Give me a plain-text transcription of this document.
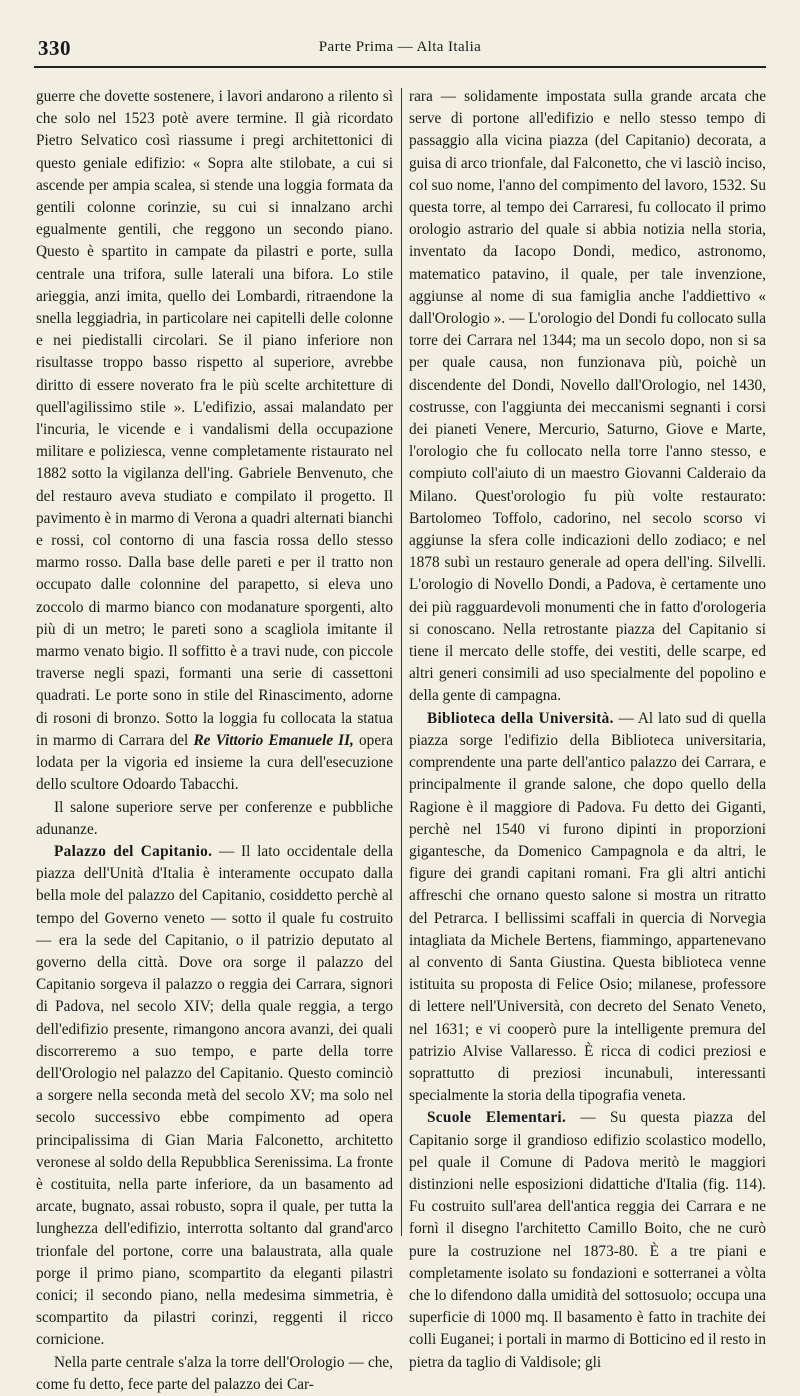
330	Parte Prima — Alta Italia

guerre che dovette sostenere, i lavori andarono a rilento sì che solo nel 1523 potè avere termine. Il già ricordato Pietro Selvatico così riassume i pregi architettonici di questo geniale edifizio: « Sopra alte stilobate, a cui si ascende per ampia scalea, si stende una loggia formata da gentili colonne corinzie, su cui si innalzano archi egualmente gentili, che reggono un secondo piano. Questo è spartito in campate da pilastri e porte, sulla centrale una trifora, sulle laterali una bifora. Lo stile arieggia, anzi imita, quello dei Lombardi, ritraendone la snella leggiadria, in particolare nei capitelli delle colonne e nei piedistalli circolari. Se il piano inferiore non risultasse troppo basso rispetto al superiore, avrebbe diritto di essere noverato fra le più scelte architetture di quell'agilissimo stile ». L'edifizio, assai malandato per l'incuria, le vicende e i vandalismi della occupazione militare e poliziesca, venne completamente ristaurato nel 1882 sotto la vigilanza dell'ing. Gabriele Benvenuto, che del restauro aveva studiato e compilato il progetto. Il pavimento è in marmo di Verona a quadri alternati bianchi e rossi, col contorno di una fascia rossa dello stesso marmo rosso. Dalla base delle pareti e per il tratto non occupato dalle colonnine del parapetto, si eleva uno zoccolo di marmo bianco con modanature sporgenti, alto più di un metro; le pareti sono a scagliola imitante il marmo venato bigio. Il soffitto è a travi nude, con piccole traverse negli spazi, formanti una serie di cassettoni quadrati. Le porte sono in stile del Rinascimento, adorne di rosoni di bronzo. Sotto la loggia fu collocata la statua in marmo di Carrara del Re Vittorio Emanuele II, opera lodata per la vigoria ed insieme la cura dell'esecuzione dello scultore Odoardo Tabacchi.

Il salone superiore serve per conferenze e pubbliche adunanze.

Palazzo del Capitanio. — Il lato occidentale della piazza dell'Unità d'Italia è interamente occupato dalla bella mole del palazzo del Capitanio, cosiddetto perchè al tempo del Governo veneto — sotto il quale fu costruito — era la sede del Capitanio, o il patrizio deputato al governo della città. Dove ora sorge il palazzo del Capitanio sorgeva il palazzo o reggia dei Carrara, signori di Padova, nel secolo XIV; della quale reggia, a tergo dell'edifizio presente, rimangono ancora avanzi, dei quali discorreremo a suo tempo, e parte della torre dell'Orologio nel palazzo del Capitanio. Questo cominciò a sorgere nella seconda metà del secolo XV; ma solo nel secolo successivo ebbe compimento ad opera principalissima di Gian Maria Falconetto, architetto veronese al soldo della Repubblica Serenissima. La fronte è costituita, nella parte inferiore, da un basamento ad arcate, bugnato, assai robusto, sopra il quale, per tutta la lunghezza dell'edifizio, interrotta soltanto dal grand'arco trionfale del portone, corre una balaustrata, alla quale porge il primo piano, scompartito da eleganti pilastri conici; il secondo piano, nella medesima simmetria, è scompartito da pilastri corinzi, reggenti il ricco cornicione.

Nella parte centrale s'alza la torre dell'Orologio — che, come fu detto, fece parte del palazzo dei Car-

rara — solidamente impostata sulla grande arcata che serve di portone all'edifizio e nello stesso tempo di passaggio alla vicina piazza (del Capitanio) decorata, a guisa di arco trionfale, dal Falconetto, che vi lasciò inciso, col suo nome, l'anno del compimento del lavoro, 1532. Su questa torre, al tempo dei Carraresi, fu collocato il primo orologio astrario del quale si abbia notizia nella storia, inventato da Iacopo Dondi, medico, astronomo, matematico patavino, il quale, per tale invenzione, aggiunse al nome di sua famiglia anche l'addiettivo « dall'Orologio ». — L'orologio del Dondi fu collocato sulla torre dei Carrara nel 1344; ma un secolo dopo, non si sa per quale causa, non funzionava più, poichè un discendente del Dondi, Novello dall'Orologio, nel 1430, costrusse, con l'aggiunta dei meccanismi segnanti i corsi dei pianeti Venere, Mercurio, Saturno, Giove e Marte, l'orologio che fu collocato nella torre l'anno stesso, e compiuto coll'aiuto di un maestro Giovanni Calderaio da Milano. Quest'orologio fu più volte restaurato: Bartolomeo Toffolo, cadorino, nel secolo scorso vi aggiunse la sfera colle indicazioni dello zodiaco; e nel 1878 subì un restauro generale ad opera dell'ing. Silvelli. L'orologio di Novello Dondi, a Padova, è certamente uno dei più ragguardevoli monumenti che in fatto d'orologeria si conoscano. Nella retrostante piazza del Capitanio si tiene il mercato delle stoffe, dei vestiti, delle scarpe, ed altri generi consimili ad uso specialmente del popolino e della gente di campagna.

Biblioteca della Università. — Al lato sud di quella piazza sorge l'edifizio della Biblioteca universitaria, comprendente una parte dell'antico palazzo dei Carrara, e principalmente il grande salone, che dopo quello della Ragione è il maggiore di Padova. Fu detto dei Giganti, perchè nel 1540 vi furono dipinti in proporzioni gigantesche, da Domenico Campagnola e da altri, le figure dei grandi capitani romani. Fra gli altri antichi affreschi che ornano questo salone si mostra un ritratto del Petrarca. I bellissimi scaffali in quercia di Norvegia intagliata da Michele Bertens, fiammingo, appartenevano al convento di Santa Giustina. Questa biblioteca venne istituita su proposta di Felice Osio; milanese, professore di lettere nell'Università, con decreto del Senato Veneto, nel 1631; e vi cooperò pure la intelligente premura del patrizio Alvise Vallaresso. È ricca di codici preziosi e soprattutto di preziosi incunabuli, interessanti specialmente la storia della tipografia veneta.

Scuole Elementari. — Su questa piazza del Capitanio sorge il grandioso edifizio scolastico modello, pel quale il Comune di Padova meritò le maggiori distinzioni nelle esposizioni didattiche d'Italia (fig. 114). Fu costruito sull'area dell'antica reggia dei Carrara e ne fornì il disegno l'architetto Camillo Boito, che ne curò pure la costruzione nel 1873-80. È a tre piani e completamente isolato su fondazioni e sotterranei a vòlta che lo difendono dalla umidità del sottosuolo; occupa una superficie di 1000 mq. Il basamento è fatto in trachite dei colli Euganei; i portali in marmo di Botticino ed il resto in pietra da taglio di Valdisole; gli
